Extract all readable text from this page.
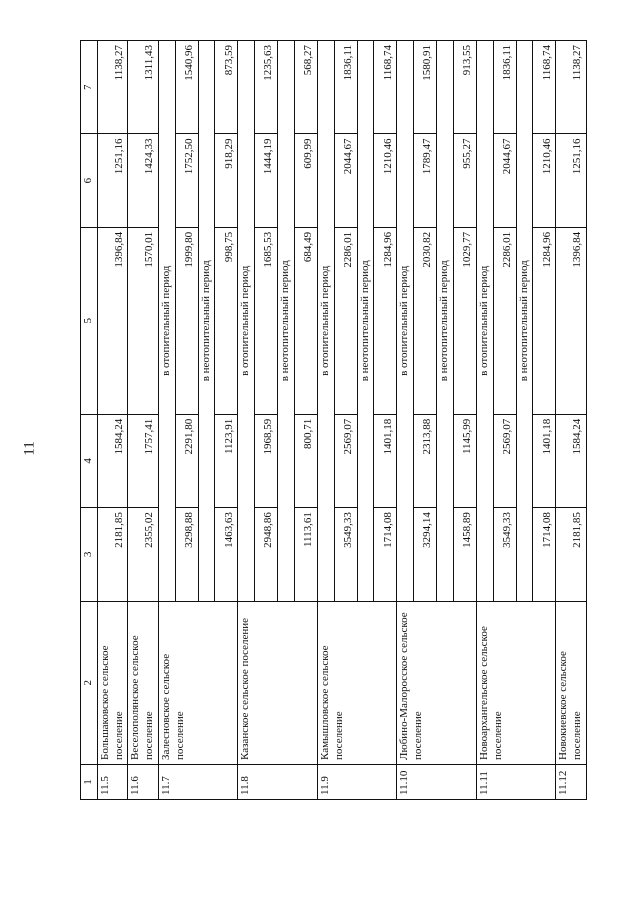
11
1	2	3	4	5	6	7
11.5	Большаковское сельское поселение	2181,85	1584,24	1396,84	1251,16	1138,27
11.6	Веселополянское сельское поселение	2355,02	1757,41	1570,01	1424,33	1311,43
11.7	Залесновское сельское поселение	в отопительный период				
		3298,88	2291,80	1999,80	1752,50	1540,96
		в неотопительный период				
		1463,63	1123,91	998,75	918,29	873,59
11.8	Казанское сельское поселение	в отопительный период				
		2948,86	1968,59	1685,53	1444,19	1235,63
		в неотопительный период				
		1113,61	800,71	684,49	609,99	568,27
11.9	Камышловское сельское поселение	в отопительный период				
		3549,33	2569,07	2286,01	2044,67	1836,11
		в неотопительный период				
		1714,08	1401,18	1284,96	1210,46	1168,74
11.10	Любино-Малоросское сельское поселение	в отопительный период				
		3294,14	2313,88	2030,82	1789,47	1580,91
		в неотопительный период				
		1458,89	1145,99	1029,77	955,27	913,55
11.11	Новоархангельское сельское поселение	в отопительный период				
		3549,33	2569,07	2286,01	2044,67	1836,11
		в неотопительный период				
		1714,08	1401,18	1284,96	1210,46	1168,74
11.12	Новокиевское сельское поселение	2181,85	1584,24	1396,84	1251,16	1138,27
